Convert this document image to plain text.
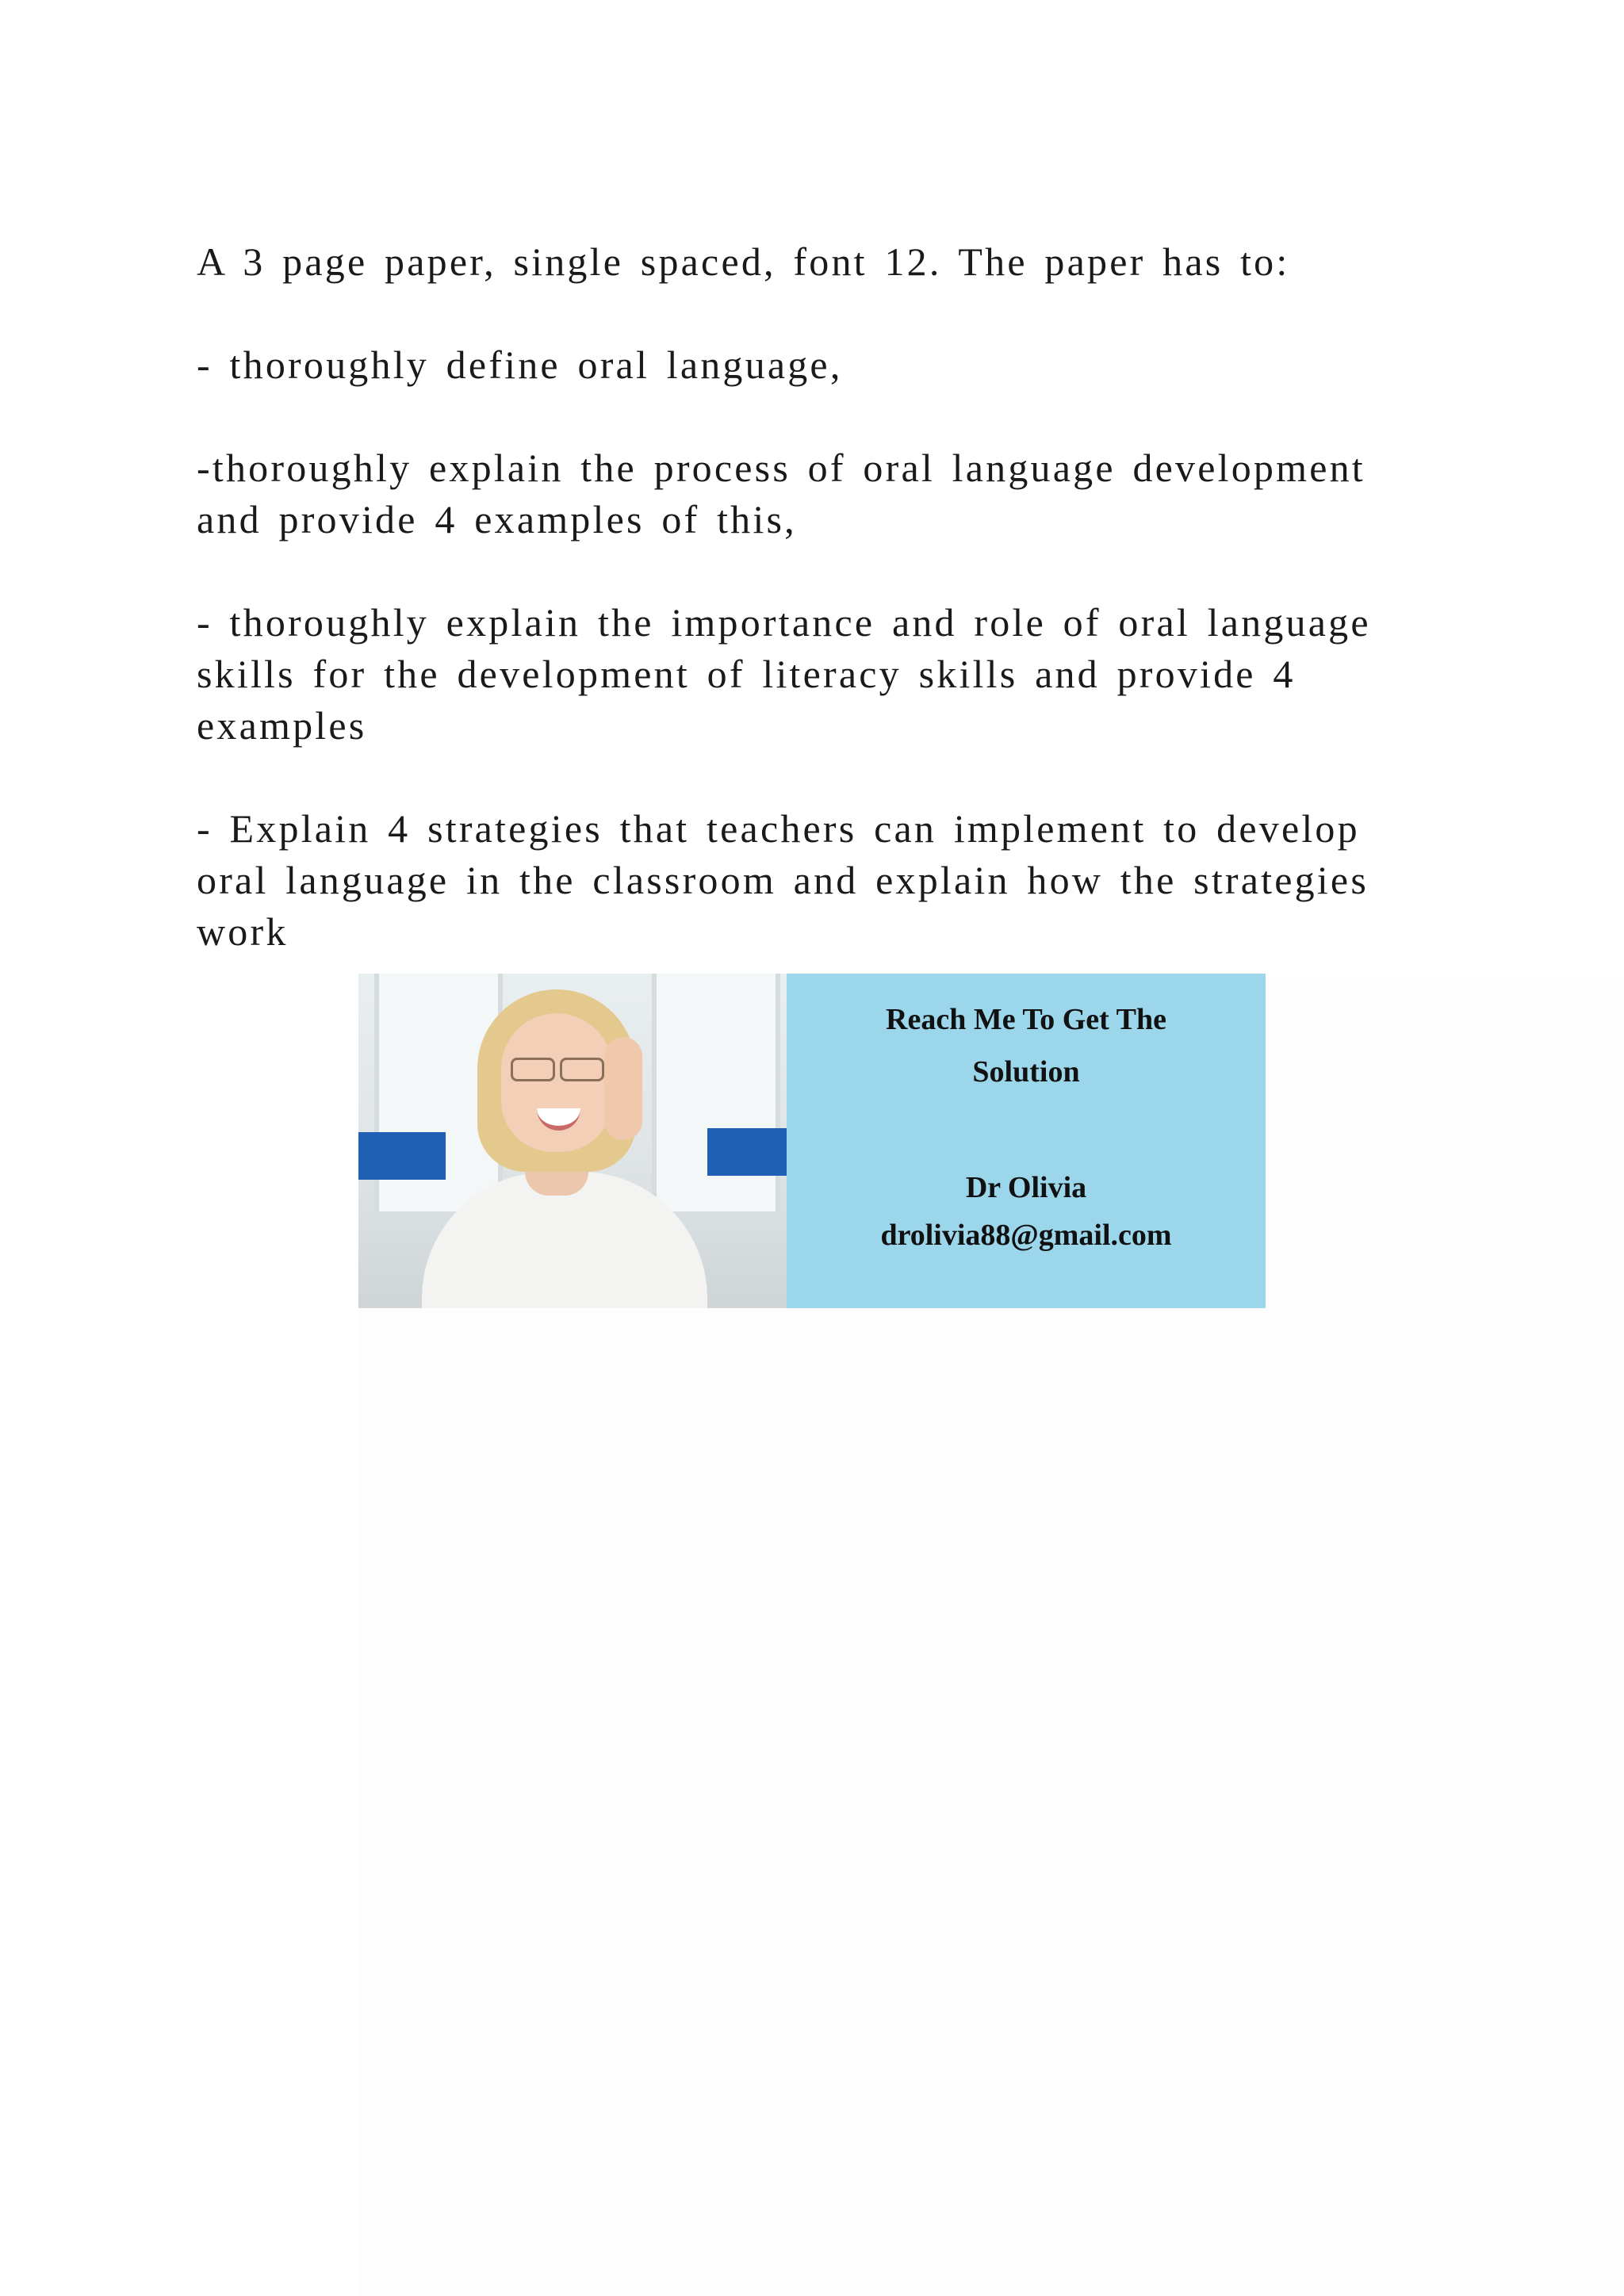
A 3 page paper, single spaced, font 12. The paper has to:

- thoroughly define oral language,

-thoroughly explain the process of oral language development and provide 4 examples of this,

- thoroughly explain the importance and role of oral language skills for the development of literacy skills and provide 4 examples

- Explain 4 strategies that teachers can implement to develop oral language in the classroom and explain how the strategies work

Reach Me To Get The
Solution
Dr Olivia
drolivia88@gmail.com
